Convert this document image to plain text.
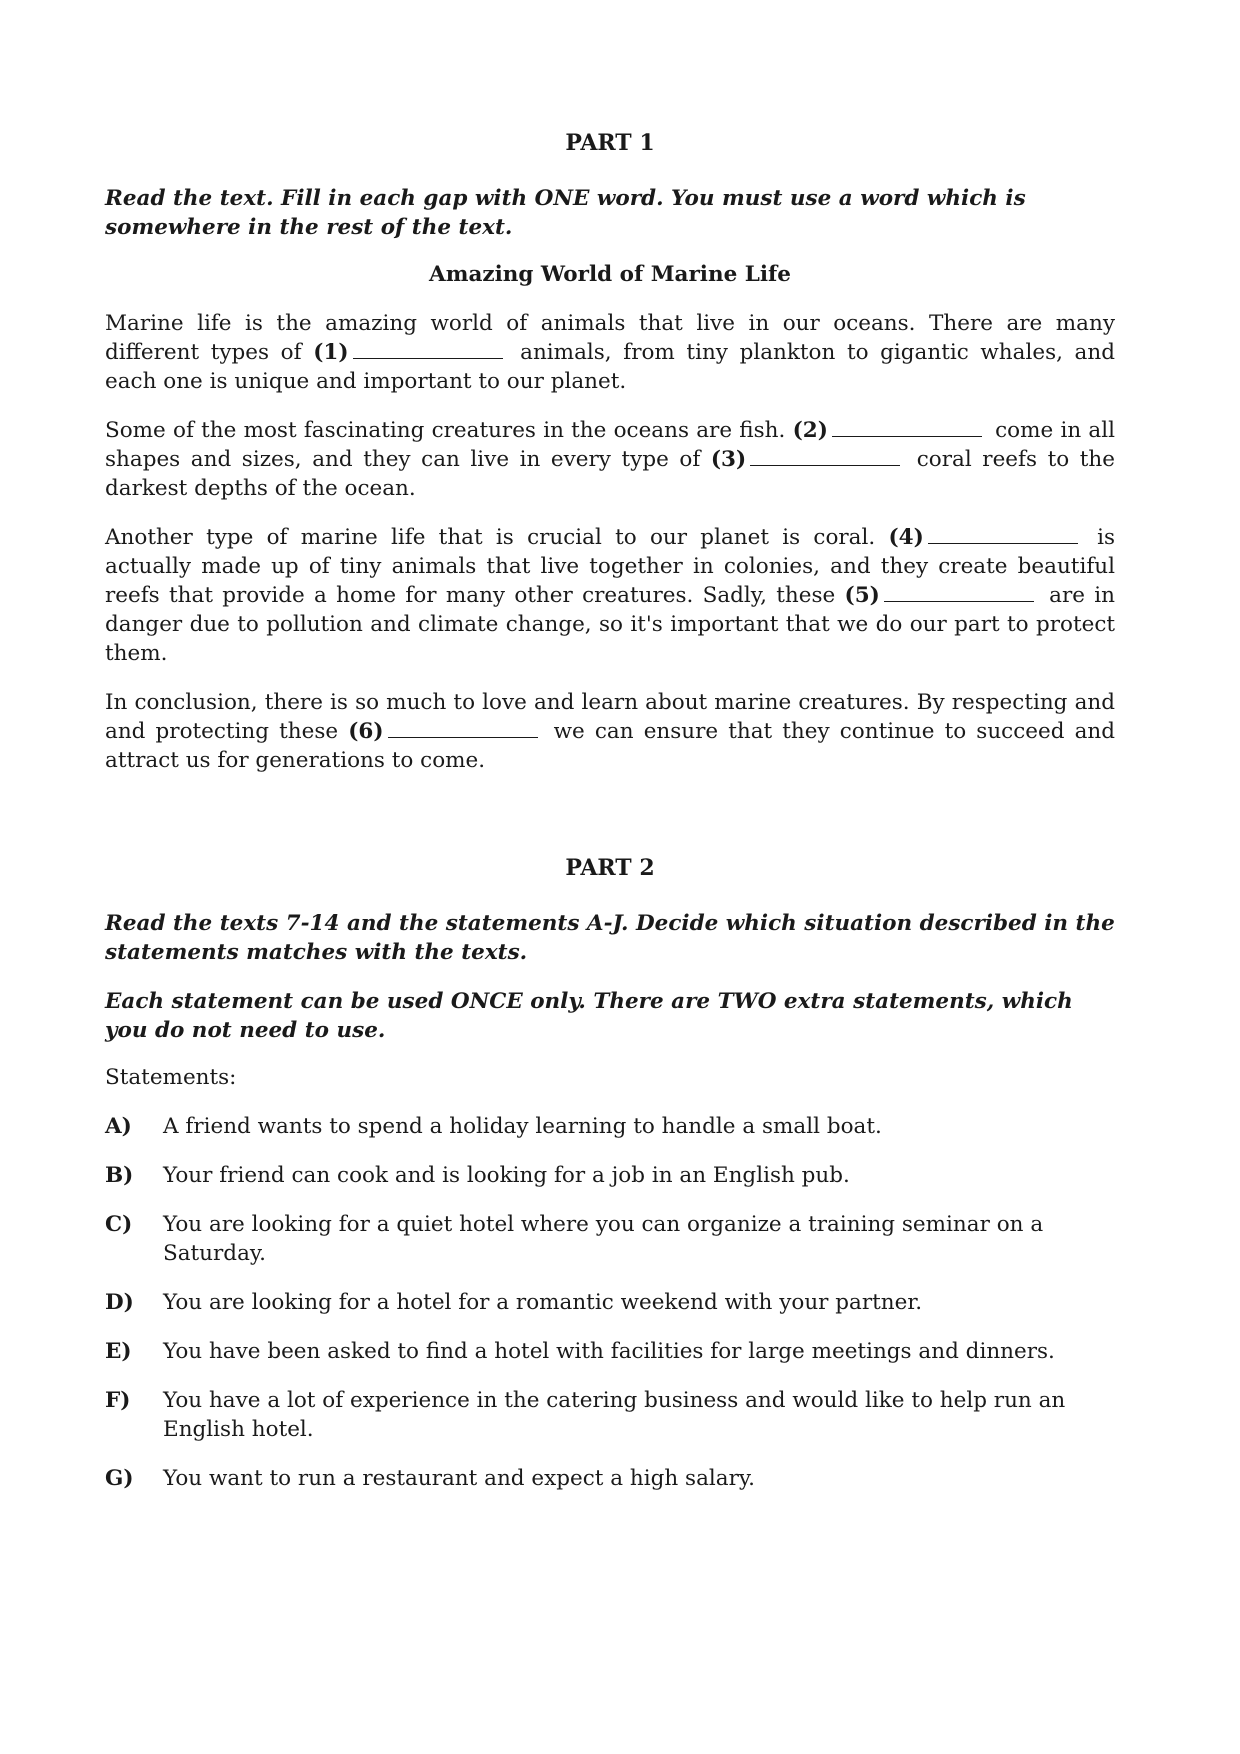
PART 1

Read the text. Fill in each gap with ONE word. You must use a word which is somewhere in the rest of the text.

Amazing World of Marine Life

Marine life is the amazing world of animals that live in our oceans. There are many different types of (1)	animals, from tiny plankton to gigantic whales, and each one is unique and important to our planet.

Some of the most fascinating creatures in the oceans are fish. (2)	come in all shapes and sizes, and they can live in every type of (3)	coral reefs to the darkest depths of the ocean.

Another type of marine life that is crucial to our planet is coral. (4)	is actually made up of tiny animals that live together in colonies, and they create beautiful reefs that provide a home for many other creatures. Sadly, these (5)	are in danger due to pollution and climate change, so it's important that we do our part to protect them.

In conclusion, there is so much to love and learn about marine creatures. By respecting and and protecting these (6)	we can ensure that they continue to succeed and attract us for generations to come.

PART 2

Read the texts 7-14 and the statements A-J. Decide which situation described in the statements matches with the texts.

Each statement can be used ONCE only. There are TWO extra statements, which you do not need to use.

Statements:
A)	A friend wants to spend a holiday learning to handle a small boat.
B)	Your friend can cook and is looking for a job in an English pub.
C)	You are looking for a quiet hotel where you can organize a training seminar on a Saturday.
D)	You are looking for a hotel for a romantic weekend with your partner.
E)	You have been asked to find a hotel with facilities for large meetings and dinners.
F)	You have a lot of experience in the catering business and would like to help run an English hotel.
G)	You want to run a restaurant and expect a high salary.
